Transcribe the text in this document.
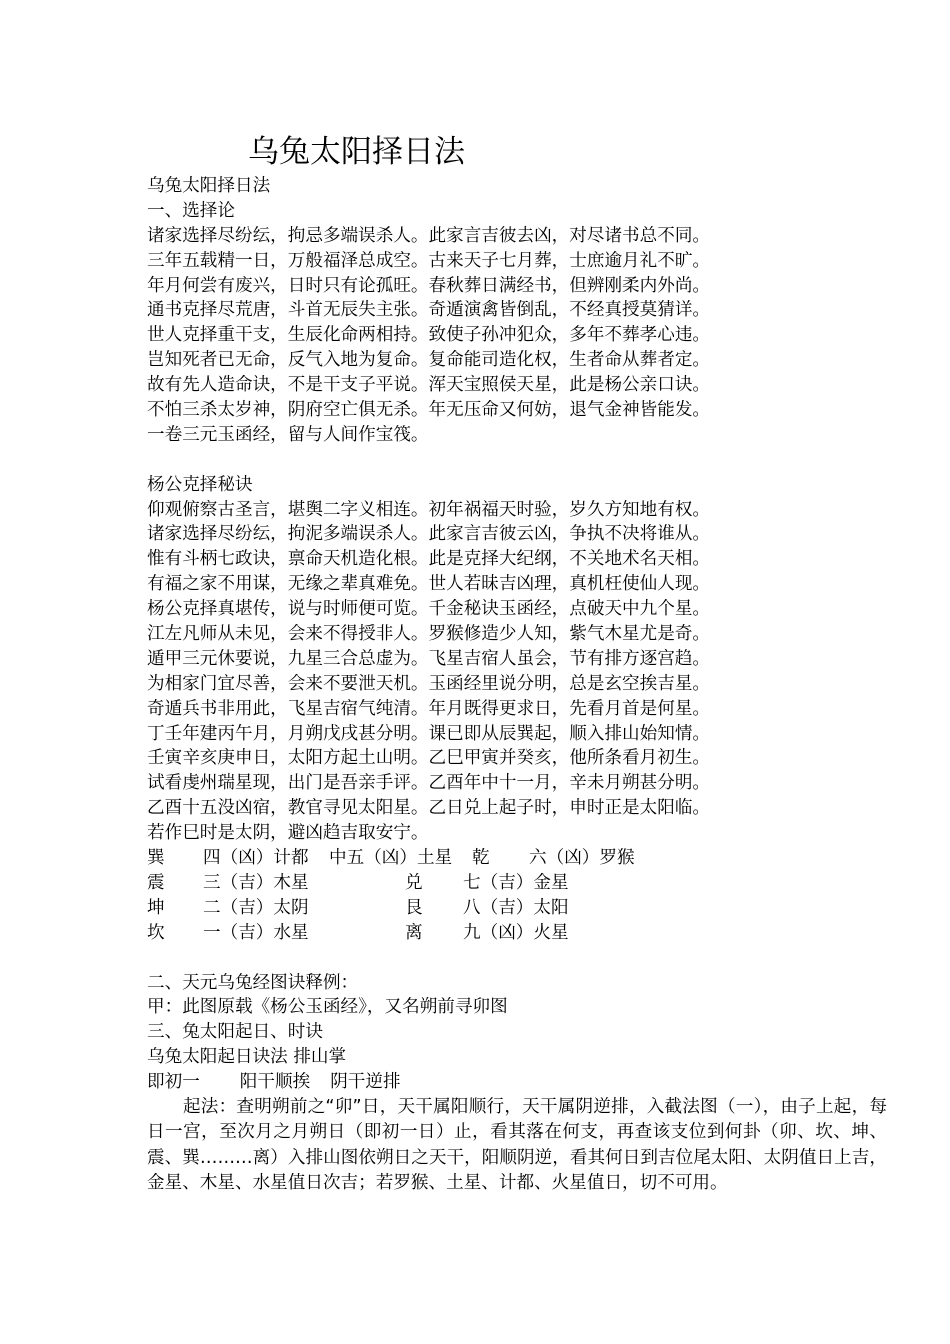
乌兔太阳择日法
乌兔太阳择日法
一、选择论
诸家选择尽纷纭，拘忌多端误杀人。此家言吉彼去凶，对尽诸书总不同。
三年五载精一日，万般福泽总成空。古来天子七月葬，士庶逾月礼不旷。
年月何尝有废兴，日时只有论孤旺。春秋葬日满经书，但辨刚柔内外尚。
通书克择尽荒唐，斗首无辰失主张。奇遁演禽皆倒乱，不经真授莫猜详。
世人克择重干支，生辰化命两相持。致使子孙冲犯众，多年不葬孝心违。
岂知死者已无命，反气入地为复命。复命能司造化权，生者命从葬者定。
故有先人造命诀，不是干支子平说。浑天宝照侯天星，此是杨公亲口诀。
不怕三杀太岁神，阴府空亡俱无杀。年无压命又何妨，退气金神皆能发。
一卷三元玉函经，留与人间作宝筏。
杨公克择秘诀
仰观俯察古圣言，堪舆二字义相连。初年祸福天时验，岁久方知地有权。
诸家选择尽纷纭，拘泥多端误杀人。此家言吉彼云凶，争执不决将谁从。
惟有斗柄七政诀，禀命天机造化根。此是克择大纪纲，不关地术名天相。
有福之家不用谋，无缘之辈真难免。世人若昧吉凶理，真机枉使仙人现。
杨公克择真堪传，说与时师便可览。千金秘诀玉函经，点破天中九个星。
江左凡师从未见，会来不得授非人。罗猴修造少人知，紫气木星尤是奇。
遁甲三元休要说，九星三合总虚为。飞星吉宿人虽会，节有排方逐宫趋。
为相家门宜尽善，会来不要泄天机。玉函经里说分明，总是玄空挨吉星。
奇遁兵书非用此，飞星吉宿气纯清。年月既得更求日，先看月首是何星。
丁壬年建丙午月，月朔戊戌甚分明。课已即从辰巽起，顺入排山始知情。
壬寅辛亥庚申日，太阳方起土山明。乙巳甲寅并癸亥，他所条看月初生。
试看虔州瑞星现，出门是吾亲手评。乙酉年中十一月，辛未月朔甚分明。
乙酉十五没凶宿，教官寻见太阳星。乙日兑上起子时，申时正是太阳临。
若作巳时是太阴，避凶趋吉取安宁。
巽 四（凶）计都 中五（凶）土星 乾 六（凶）罗猴
震 三（吉）木星	兑 七（吉）金星
坤 二（吉）太阴	艮 八（吉）太阳
坎 一（吉）水星	离 九（凶）火星
二、天元乌兔经图诀释例：
甲：此图原载《杨公玉函经》，又名朔前寻卯图
三、兔太阳起日、时诀
乌兔太阳起日诀法 排山掌
即初一 阳干顺挨 阴干逆排
起法：查明朔前之“卯”日，天干属阳顺行，天干属阴逆排，入截法图（一），由子上起，每日一宫，至次月之月朔日（即初一日）止，看其落在何支，再查该支位到何卦（卯、坎、坤、震、巽………离）入排山图依朔日之天干，阳顺阴逆，看其何日到吉位尾太阳、太阴值日上吉，金星、木星、水星值日次吉；若罗猴、土星、计都、火星值日，切不可用。
